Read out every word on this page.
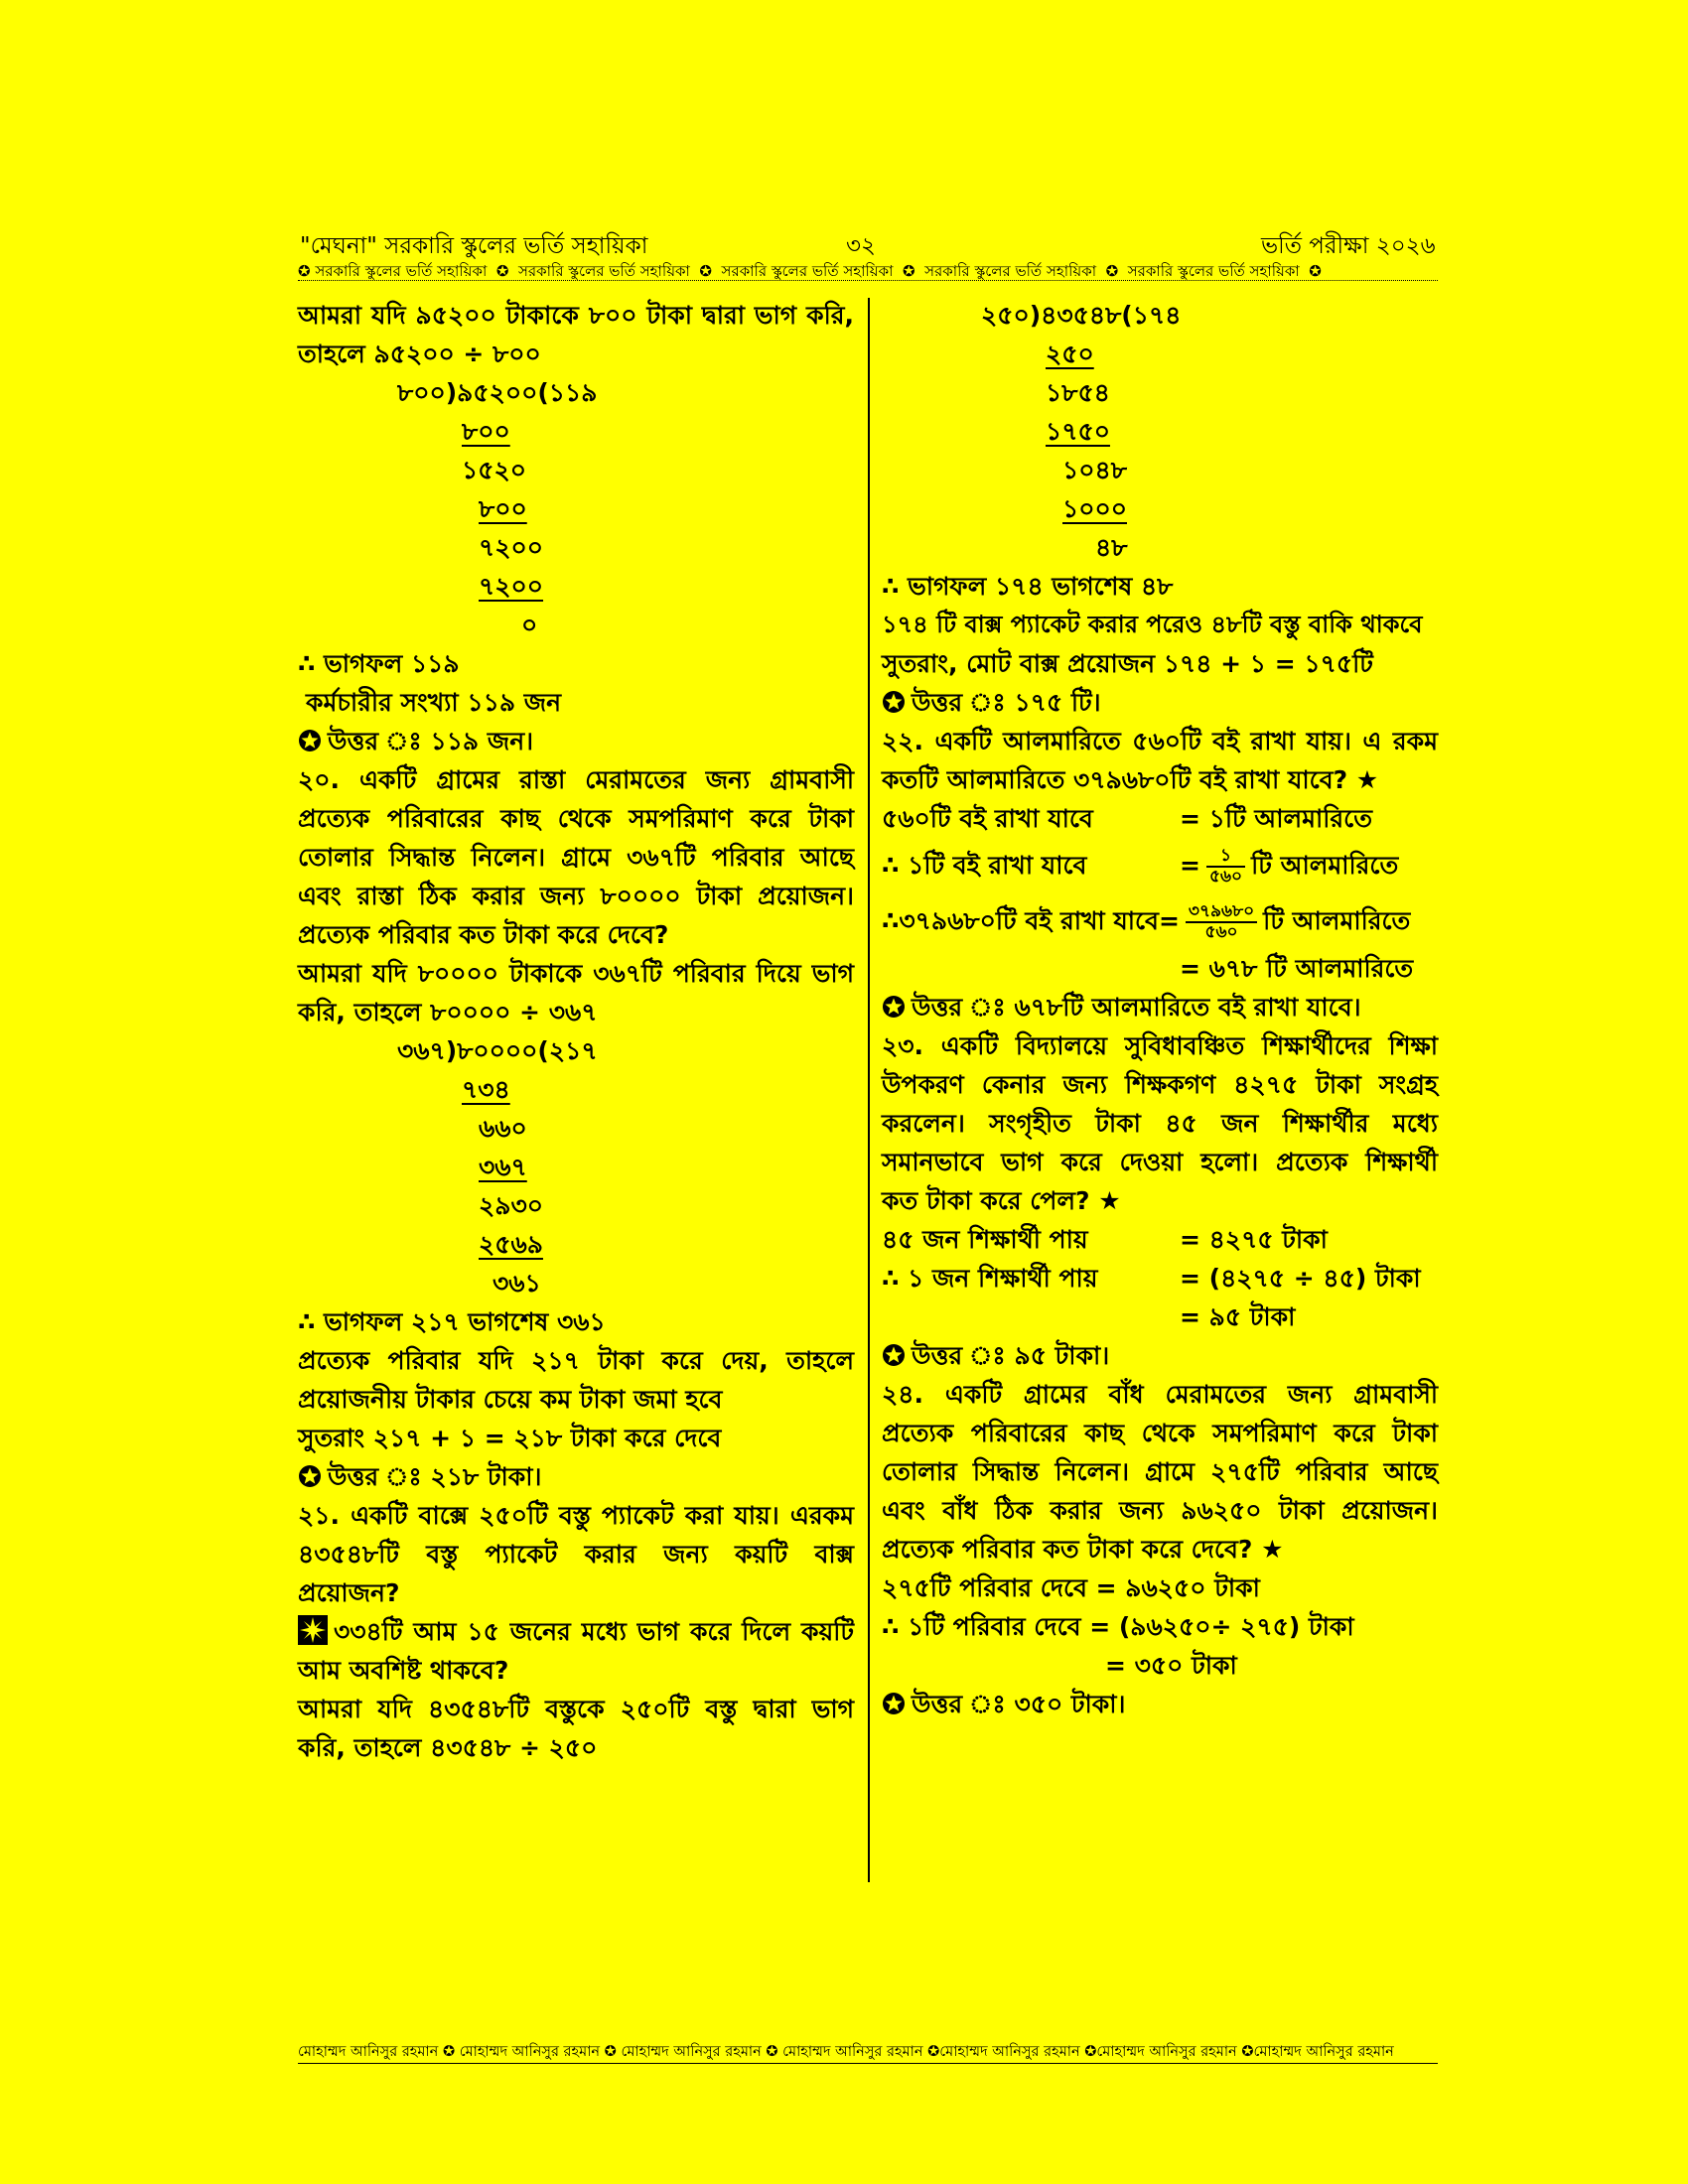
"মেঘনা" সরকারি স্কুলের ভর্তি সহায়িকা	৩২	ভর্তি পরীক্ষা ২০২৬
✪ সরকারি স্কুলের ভর্তি সহায়িকা  ✪  সরকারি স্কুলের ভর্তি সহায়িকা  ✪  সরকারি স্কুলের ভর্তি সহায়িকা  ✪  সরকারি স্কুলের ভর্তি সহায়িকা  ✪  সরকারি স্কুলের ভর্তি সহায়িকা  ✪
আমরা যদি ৯৫২০০ টাকাকে ৮০০ টাকা দ্বারা ভাগ করি,
তাহলে ৯৫২০০ ÷ ৮০০
৮০০)৯৫২০০(১১৯
৮০০
১৫২০
৮০০
৭২০০
৭২০০
০
∴ ভাগফল ১১৯
কর্মচারীর সংখ্যা ১১৯ জন
উত্তর ঃ ১১৯ জন।
২০. একটি গ্রামের রাস্তা মেরামতের জন্য গ্রামবাসী
প্রত্যেক পরিবারের কাছ থেকে সমপরিমাণ করে টাকা
তোলার সিদ্ধান্ত নিলেন। গ্রামে ৩৬৭টি পরিবার আছে
এবং রাস্তা ঠিক করার জন্য ৮০০০০ টাকা প্রয়োজন।
প্রত্যেক পরিবার কত টাকা করে দেবে?
আমরা যদি ৮০০০০ টাকাকে ৩৬৭টি পরিবার দিয়ে ভাগ
করি, তাহলে ৮০০০০ ÷ ৩৬৭
৩৬৭)৮০০০০(২১৭
৭৩৪
৬৬০
৩৬৭
২৯৩০
২৫৬৯
৩৬১
∴ ভাগফল ২১৭ ভাগশেষ ৩৬১
প্রত্যেক পরিবার যদি ২১৭ টাকা করে দেয়, তাহলে
প্রয়োজনীয় টাকার চেয়ে কম টাকা জমা হবে
সুতরাং ২১৭ + ১ = ২১৮ টাকা করে দেবে
উত্তর ঃ ২১৮ টাকা।
২১. একটি বাক্সে ২৫০টি বস্তু প্যাকেট করা যায়। এরকম
৪৩৫৪৮টি বস্তু প্যাকেট করার জন্য কয়টি বাক্স
প্রয়োজন?
৩৩৪টি আম ১৫ জনের মধ্যে ভাগ করে দিলে কয়টি
আম অবশিষ্ট থাকবে?
আমরা যদি ৪৩৫৪৮টি বস্তুকে ২৫০টি বস্তু দ্বারা ভাগ
করি, তাহলে ৪৩৫৪৮ ÷ ২৫০
২৫০)৪৩৫৪৮(১৭৪
২৫০
১৮৫৪
১৭৫০
১০৪৮
১০০০
৪৮
∴ ভাগফল ১৭৪ ভাগশেষ ৪৮
১৭৪ টি বাক্স প্যাকেট করার পরেও ৪৮টি বস্তু বাকি থাকবে
সুতরাং, মোট বাক্স প্রয়োজন ১৭৪ + ১ = ১৭৫টি
উত্তর ঃ ১৭৫ টি।
২২. একটি আলমারিতে ৫৬০টি বই রাখা যায়। এ রকম
কতটি আলমারিতে ৩৭৯৬৮০টি বই রাখা যাবে? ★
৫৬০টি বই রাখা যাবে	= ১টি আলমারিতে
∴ ১টি বই রাখা যাবে	= $\frac{১}{৫৬০}$ টি আলমারিতে
∴৩৭৯৬৮০টি বই রাখা যাবে= $\frac{৩৭৯৬৮০}{৫৬০}$ টি আলমারিতে
= ৬৭৮ টি আলমারিতে
উত্তর ঃ ৬৭৮টি আলমারিতে বই রাখা যাবে।
২৩. একটি বিদ্যালয়ে সুবিধাবঞ্চিত শিক্ষার্থীদের শিক্ষা
উপকরণ কেনার জন্য শিক্ষকগণ ৪২৭৫ টাকা সংগ্রহ
করলেন। সংগৃহীত টাকা ৪৫ জন শিক্ষার্থীর মধ্যে
সমানভাবে ভাগ করে দেওয়া হলো। প্রত্যেক শিক্ষার্থী
কত টাকা করে পেল? ★
৪৫ জন শিক্ষার্থী পায়	= ৪২৭৫ টাকা
∴ ১ জন শিক্ষার্থী পায়	= (৪২৭৫ ÷ ৪৫) টাকা
= ৯৫ টাকা
উত্তর ঃ ৯৫ টাকা।
২৪. একটি গ্রামের বাঁধ মেরামতের জন্য গ্রামবাসী
প্রত্যেক পরিবারের কাছ থেকে সমপরিমাণ করে টাকা
তোলার সিদ্ধান্ত নিলেন। গ্রামে ২৭৫টি পরিবার আছে
এবং বাঁধ ঠিক করার জন্য ৯৬২৫০ টাকা প্রয়োজন।
প্রত্যেক পরিবার কত টাকা করে দেবে? ★
২৭৫টি পরিবার দেবে = ৯৬২৫০ টাকা
∴ ১টি পরিবার দেবে = (৯৬২৫০÷ ২৭৫) টাকা
= ৩৫০ টাকা
উত্তর ঃ ৩৫০ টাকা।
মোহাম্মদ আনিসুর রহমান ✪ মোহাম্মদ আনিসুর রহমান ✪ মোহাম্মদ আনিসুর রহমান ✪ মোহাম্মদ আনিসুর রহমান ✪মোহাম্মদ আনিসুর রহমান ✪মোহাম্মদ আনিসুর রহমান ✪মোহাম্মদ আনিসুর রহমান
